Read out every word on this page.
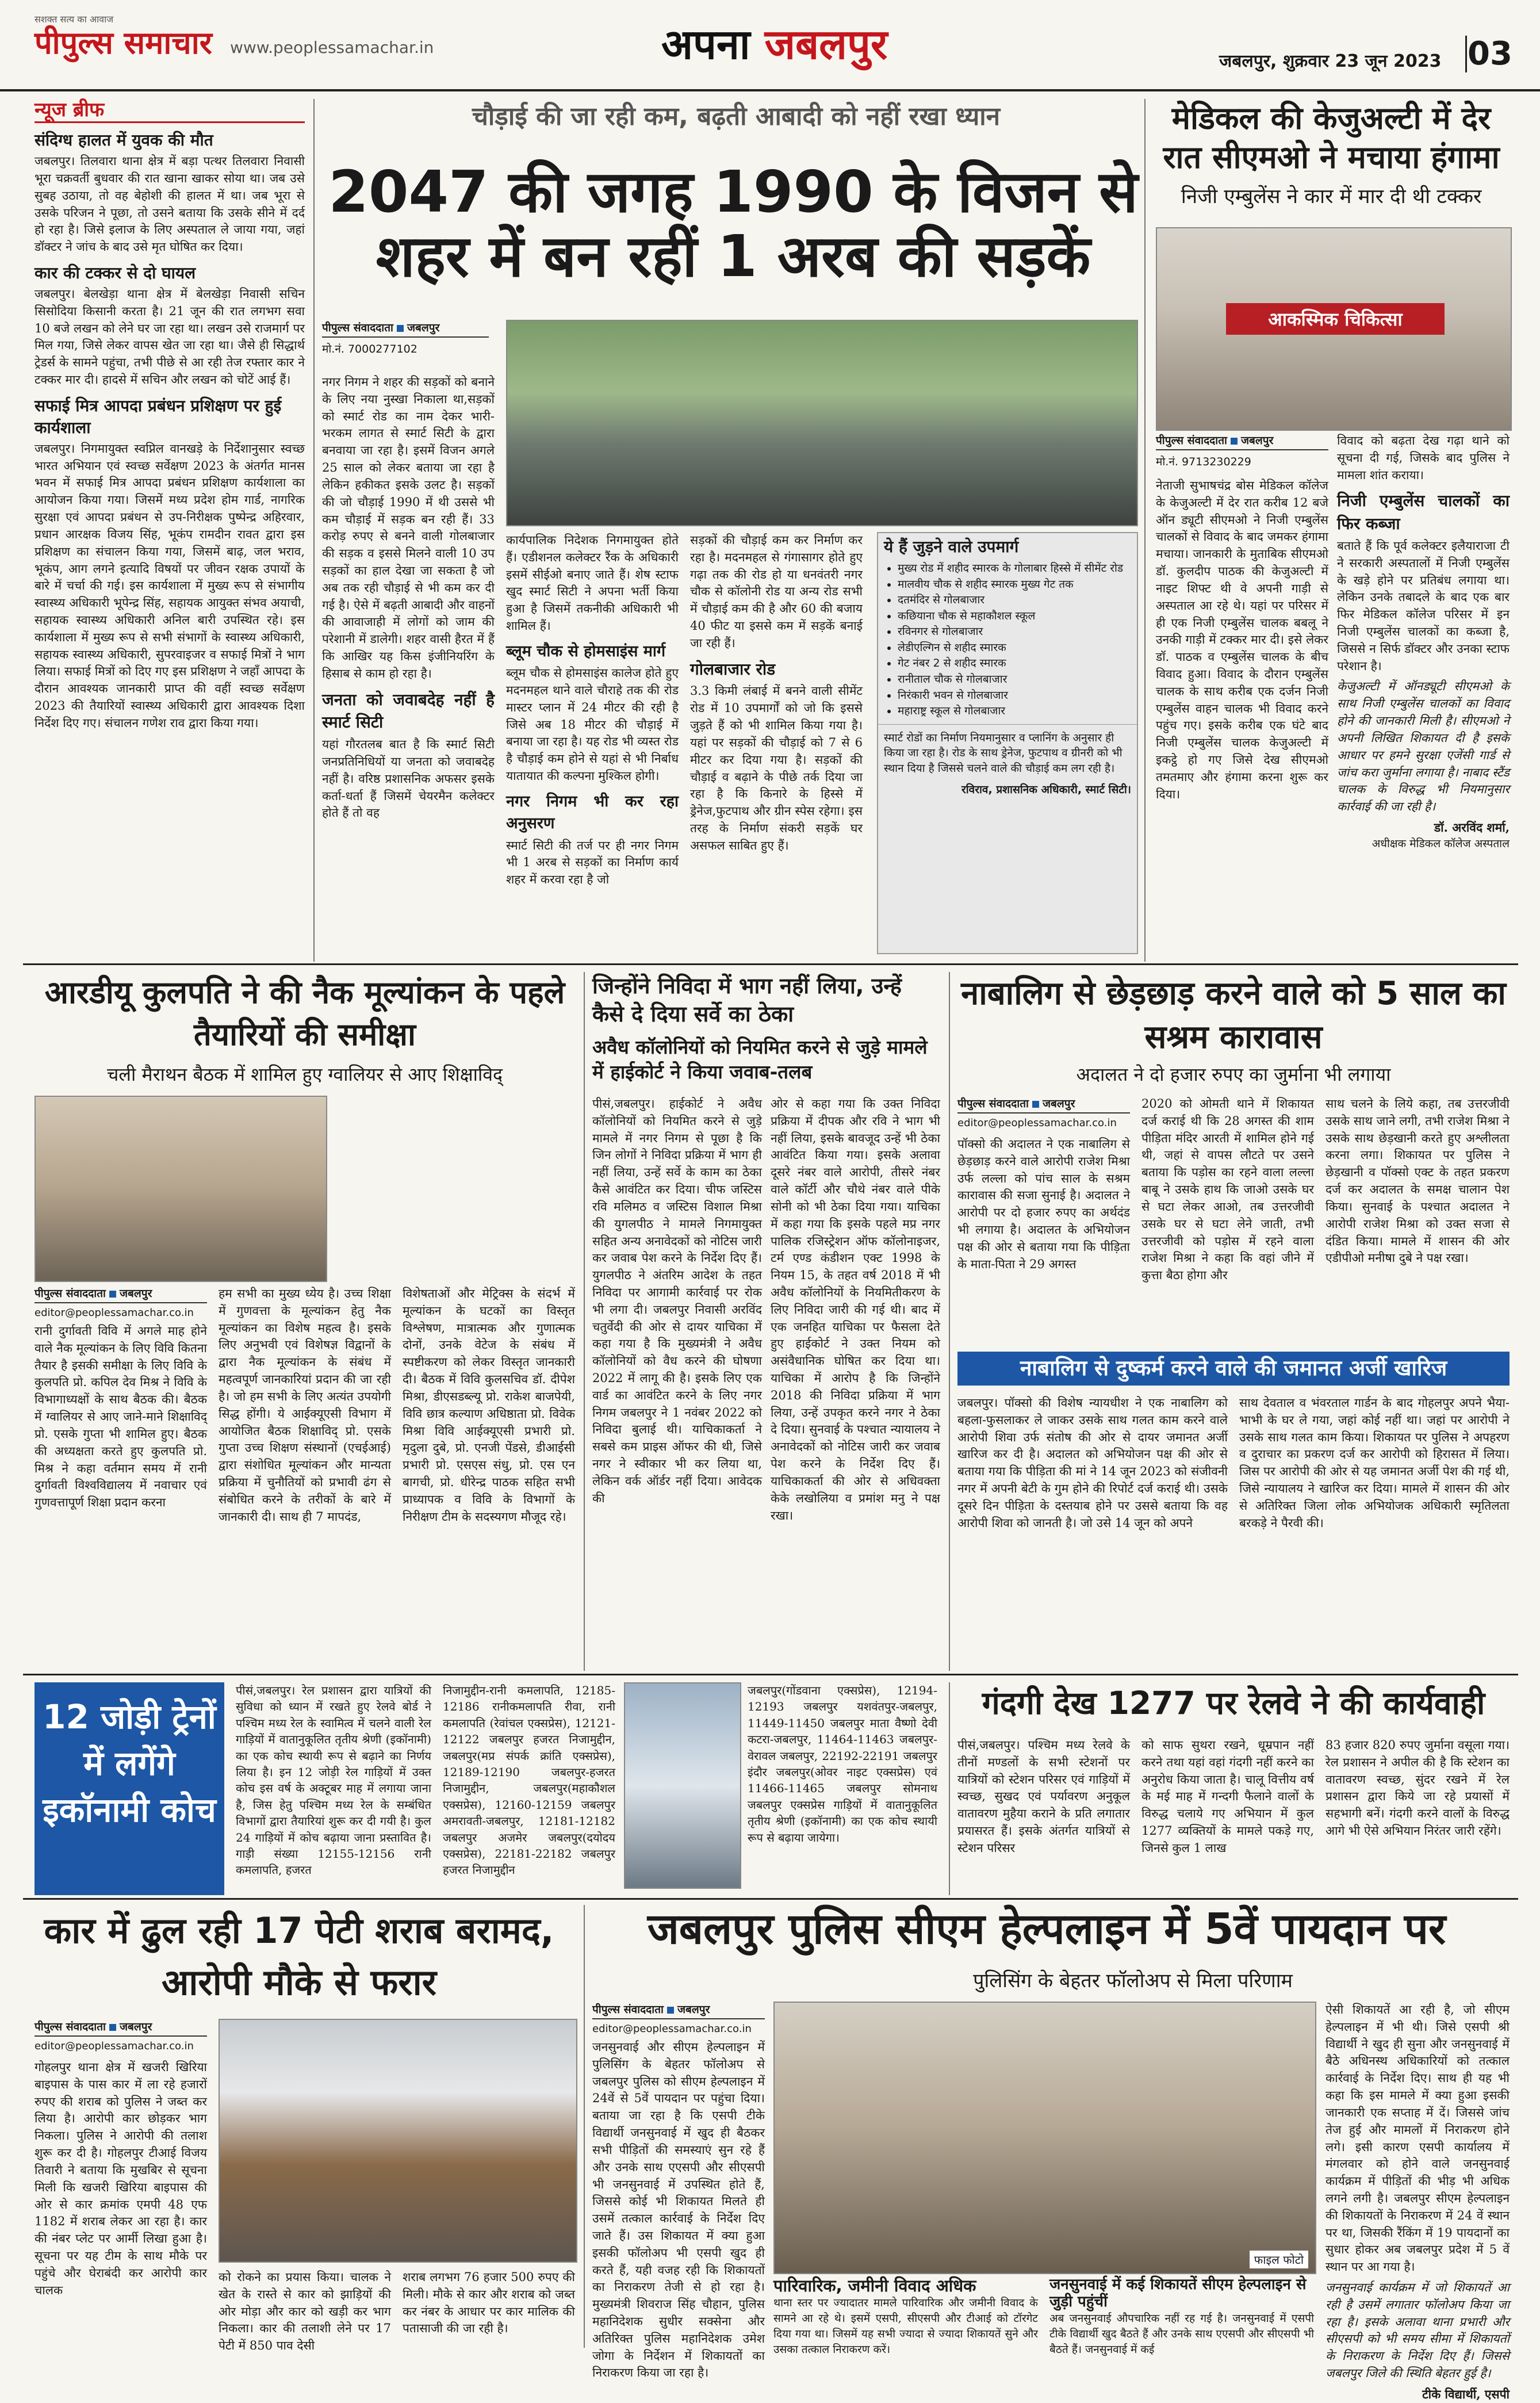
सशक्त सत्य का आवाज
पीपुल्स समाचार www.peoplessamachar.in	अपना जबलपुर	जबलपुर, शुक्रवार 23 जून 2023 03
न्यूज ब्रीफ
संदिग्ध हालत में युवक की मौत
जबलपुर। तिलवारा थाना क्षेत्र में बड़ा पत्थर तिलवारा निवासी भूरा चक्रवर्ती बुधवार की रात खाना खाकर सोया था। जब उसे सुबह उठाया, तो वह बेहोशी की हालत में था। जब भूरा से उसके परिजन ने पूछा, तो उसने बताया कि उसके सीने में दर्द हो रहा है। जिसे इलाज के लिए अस्पताल ले जाया गया, जहां डॉक्टर ने जांच के बाद उसे मृत घोषित कर दिया।
कार की टक्कर से दो घायल
जबलपुर। बेलखेड़ा थाना क्षेत्र में बेलखेड़ा निवासी सचिन सिसोदिया किसानी करता है। 21 जून की रात लगभग सवा 10 बजे लखन को लेने घर जा रहा था। लखन उसे राजमार्ग पर मिल गया, जिसे लेकर वापस खेत जा रहा था। जैसे ही सिद्धार्थ ट्रेडर्स के सामने पहुंचा, तभी पीछे से आ रही तेज रफ्तार कार ने टक्कर मार दी। हादसे में सचिन और लखन को चोटें आई हैं।
सफाई मित्र आपदा प्रबंधन प्रशिक्षण पर हुई कार्यशाला
जबलपुर। निगमायुक्त स्वप्निल वानखड़े के निर्देशानुसार स्वच्छ भारत अभियान एवं स्वच्छ सर्वेक्षण 2023 के अंतर्गत मानस भवन में सफाई मित्र आपदा प्रबंधन प्रशिक्षण कार्यशाला का आयोजन किया गया। जिसमें मध्य प्रदेश होम गार्ड, नागरिक सुरक्षा एवं आपदा प्रबंधन से उप-निरीक्षक पुष्पेन्द्र अहिरवार, प्रधान आरक्षक विजय सिंह, भूकंप रामदीन रावत द्वारा इस प्रशिक्षण का संचालन किया गया, जिसमें बाढ़, जल भराव, भूकंप, आग लगने इत्यादि विषयों पर जीवन रक्षक उपायों के बारे में चर्चा की गई। इस कार्यशाला में मुख्य रूप से संभागीय स्वास्थ्य अधिकारी भूपेन्द्र सिंह, सहायक आयुक्त संभव अयाची, सहायक स्वास्थ्य अधिकारी अनिल बारी उपस्थित रहे। इस कार्यशाला में मुख्य रूप से सभी संभागों के स्वास्थ्य अधिकारी, सहायक स्वास्थ्य अधिकारी, सुपरवाइजर व सफाई मित्रों ने भाग लिया। सफाई मित्रों को दिए गए इस प्रशिक्षण ने जहाँ आपदा के दौरान आवश्यक जानकारी प्राप्त की वहीं स्वच्छ सर्वेक्षण 2023 की तैयारियों स्वास्थ्य अधिकारी द्वारा आवश्यक दिशा निर्देश दिए गए। संचालन गणेश राव द्वारा किया गया।
चौड़ाई की जा रही कम, बढ़ती आबादी को नहीं रखा ध्यान
2047 की जगह 1990 के विजन से शहर में बन रहीं 1 अरब की सड़कें
पीपुल्स संवाददाता जबलपुर
मो.नं. 7000277102

नगर निगम ने शहर की सड़कों को बनाने के लिए नया नुस्खा निकाला था,सड़कों को स्मार्ट रोड का नाम देकर भारी-भरकम लागत से स्मार्ट सिटी के द्वारा बनवाया जा रहा है। इसमें विजन अगले 25 साल को लेकर बताया जा रहा है लेकिन हकीकत इसके उलट है। सड़कों की जो चौड़ाई 1990 में थी उससे भी कम चौड़ाई में सड़क बन रही हैं। 33 करोड़ रुपए से बनने वाली गोलबाजार की सड़क व इससे मिलने वाली 10 उप सड़कों का हाल देखा जा सकता है जो अब तक रही चौड़ाई से भी कम कर दी गई है। ऐसे में बढ़ती आबादी और वाहनों की आवाजाही में लोगों को जाम की परेशानी में डालेगी। शहर वासी हैरत में हैं कि आखिर यह किस इंजीनियरिंग के हिसाब से काम हो रहा है।

जनता को जवाबदेह नहीं है स्मार्ट सिटी

यहां गौरतलब बात है कि स्मार्ट सिटी जनप्रतिनिधियों या जनता को जवाबदेह नहीं है। वरिष्ठ प्रशासनिक अफसर इसके कर्ता-धर्ता हैं जिसमें चेयरमैन कलेक्टर होते हैं तो वह

कार्यपालिक निदेशक निगमायुक्त होते हैं। एडीशनल कलेक्टर रैंक के अधिकारी इसमें सीईओ बनाए जाते हैं। शेष स्टाफ खुद स्मार्ट सिटी ने अपना भर्ती किया हुआ है जिसमें तकनीकी अधिकारी भी शामिल हैं।

ब्लूम चौक से होमसाइंस मार्ग

ब्लूम चौक से होमसाइंस कालेज होते हुए मदनमहल थाने वाले चौराहे तक की रोड मास्टर प्लान में 24 मीटर की रही है जिसे अब 18 मीटर की चौड़ाई में बनाया जा रहा है। यह रोड भी व्यस्त रोड है चौड़ाई कम होने से यहां से भी निर्बाध यातायात की कल्पना मुश्किल होगी।

नगर निगम भी कर रहा अनुसरण

स्मार्ट सिटी की तर्ज पर ही नगर निगम भी 1 अरब से सड़कों का निर्माण कार्य शहर में करवा रहा है जो

सड़कों की चौड़ाई कम कर निर्माण कर रहा है। मदनमहल से गंगासागर होते हुए गढ़ा तक की रोड हो या धनवंतरी नगर चौक से कॉलोनी रोड या अन्य रोड सभी में चौड़ाई कम की है और 60 की बजाय 40 फीट या इससे कम में सड़कें बनाई जा रही हैं।

गोलबाजार रोड

3.3 किमी लंबाई में बनने वाली सीमेंट रोड में 10 उपमार्गों को जो कि इससे जुड़ते हैं को भी शामिल किया गया है। यहां पर सड़कों की चौड़ाई को 7 से 6 मीटर कर दिया गया है। सड़कों की चौड़ाई व बढ़ाने के पीछे तर्क दिया जा रहा है कि किनारे के हिस्से में ड्रेनेज,फुटपाथ और ग्रीन स्पेस रहेगा। इस तरह के निर्माण संकरी सड़कें घर असफल साबित हुए हैं।

ये हैं जुड़ने वाले उपमार्ग
• मुख्य रोड में शहीद स्मारक के गोलाबार हिस्से में सीमेंट रोड
• मालवीय चौक से शहीद स्मारक मुख्य गेट तक
• दतमंदिर से गोलबाजार
• कछियाना चौक से महाकौशल स्कूल
• रविनगर से गोलबाजार
• लेडीएल्गिन से शहीद स्मारक
• गेट नंबर 2 से शहीद स्मारक
• रानीताल चौक से गोलबाजार
• निरंकारी भवन से गोलबाजार
• महाराष्ट्र स्कूल से गोलबाजार
स्मार्ट रोडों का निर्माण नियमानुसार व प्लानिंग के अनुसार ही किया जा रहा है। रोड के साथ ड्रेनेज, फुटपाथ व ग्रीनरी को भी स्थान दिया है जिससे चलने वाले की चौड़ाई कम लग रही है।
रविराव, प्रशासनिक अधिकारी, स्मार्ट सिटी।
मेडिकल की केजुअल्टी में देर रात सीएमओ ने मचाया हंगामा
निजी एम्बुलेंस ने कार में मार दी थी टक्कर
आकस्मिक चिकित्सा
पीपुल्स संवाददाता जबलपुर
मो.नं. 9713230229
नेताजी सुभाषचंद्र बोस मेडिकल कॉलेज के केजुअल्टी में देर रात करीब 12 बजे ऑन ड्यूटी सीएमओ ने निजी एम्बुलेंस चालकों से विवाद के बाद जमकर हंगामा मचाया। जानकारी के मुताबिक सीएमओ डॉ. कुलदीप पाठक की केजुअल्टी में नाइट शिफ्ट थी वे अपनी गाड़ी से अस्पताल आ रहे थे। यहां पर परिसर में ही एक निजी एम्बुलेंस चालक बबलू ने उनकी गाड़ी में टक्कर मार दी। इसे लेकर डॉ. पाठक व एम्बुलेंस चालक के बीच विवाद हुआ। विवाद के दौरान एम्बुलेंस चालक के साथ करीब एक दर्जन निजी एम्बुलेंस वाहन चालक भी विवाद करने पहुंच गए। इसके करीब एक घंटे बाद निजी एम्बुलेंस चालक केजुअल्टी में इकट्ठे हो गए जिसे देख सीएमओ तमतमाए और हंगामा करना शुरू कर दिया।

विवाद को बढ़ता देख गढ़ा थाने को सूचना दी गई, जिसके बाद पुलिस ने मामला शांत कराया।

निजी एम्बुलेंस चालकों का फिर कब्जा

बताते हैं कि पूर्व कलेक्टर इलैयाराजा टी ने सरकारी अस्पतालों में निजी एम्बुलेंस के खड़े होने पर प्रतिबंध लगाया था। लेकिन उनके तबादले के बाद एक बार फिर मेडिकल कॉलेज परिसर में इन निजी एम्बुलेंस चालकों का कब्जा है, जिससे न सिर्फ डॉक्टर और उनका स्टाफ परेशान है।

केजुअल्टी में ऑनड्यूटी सीएमओ के साथ निजी एम्बुलेंस चालकों का विवाद होने की जानकारी मिली है। सीएमओ ने अपनी लिखित शिकायत दी है इसके आधार पर हमने सुरक्षा एजेंसी गार्ड से जांच करा जुर्माना लगाया है। नाबाद स्टैंड चालक के विरुद्ध भी नियमानुसार कार्रवाई की जा रही है।

डॉ. अरविंद शर्मा,
अधीक्षक मेडिकल कॉलेज अस्पताल
आरडीयू कुलपति ने की नैक मूल्यांकन के पहले तैयारियों की समीक्षा
चली मैराथन बैठक में शामिल हुए ग्वालियर से आए शिक्षाविद्
पीपुल्स संवाददाता जबलपुर
editor@peoplessamachar.co.in
रानी दुर्गावती विवि में अगले माह होने वाले नैक मूल्यांकन के लिए विवि कितना तैयार है इसकी समीक्षा के लिए विवि के कुलपति प्रो. कपिल देव मिश्र ने विवि के विभागाध्यक्षों के साथ बैठक की। बैठक में ग्वालियर से आए जाने-माने शिक्षाविद् प्रो. एसके गुप्ता भी शामिल हुए। बैठक की अध्यक्षता करते हुए कुलपति प्रो. मिश्र ने कहा वर्तमान समय में रानी दुर्गावती विश्वविद्यालय में नवाचार एवं गुणवत्तापूर्ण शिक्षा प्रदान करना
हम सभी का मुख्य ध्येय है। उच्च शिक्षा में गुणवत्ता के मूल्यांकन हेतु नैक मूल्यांकन का विशेष महत्व है। इसके लिए अनुभवी एवं विशेषज्ञ विद्वानों के द्वारा नैक मूल्यांकन के संबंध में महत्वपूर्ण जानकारियां प्रदान की जा रही है। जो हम सभी के लिए अत्यंत उपयोगी सिद्ध होंगी। ये आईक्यूएसी विभाग में आयोजित बैठक शिक्षाविद् प्रो. एसके गुप्ता उच्च शिक्षण संस्थानों (एचईआई) द्वारा संशोधित मूल्यांकन और मान्यता प्रक्रिया में चुनौतियों को प्रभावी ढंग से संबोधित करने के तरीकों के बारे में जानकारी दी। साथ ही 7 मापदंड,
विशेषताओं और मेट्रिक्स के संदर्भ में मूल्यांकन के घटकों का विस्तृत विश्लेषण, मात्रात्मक और गुणात्मक दोनों, उनके वेटेज के संबंध में स्पष्टीकरण को लेकर विस्तृत जानकारी दी। बैठक में विवि कुलसचिव डॉ. दीपेश मिश्रा, डीएसडब्ल्यू प्रो. राकेश बाजपेयी, विवि छात्र कल्याण अधिष्ठाता प्रो. विवेक मिश्रा विवि आईक्यूएसी प्रभारी प्रो. मृदुला दुबे, प्रो. एनजी पेंडसे, डीआईसी प्रभारी प्रो. एसएस संधु, प्रो. एस एन बागची, प्रो. धीरेन्द्र पाठक सहित सभी प्राध्यापक व विवि के विभागों के निरीक्षण टीम के सदस्यगण मौजूद रहे।
जिन्होंने निविदा में भाग नहीं लिया, उन्हें कैसे दे दिया सर्वे का ठेका
अवैध कॉलोनियों को नियमित करने से जुड़े मामले में हाईकोर्ट ने किया जवाब-तलब
पीसं,जबलपुर। हाईकोर्ट ने अवैध कॉलोनियों को नियमित करने से जुड़े मामले में नगर निगम से पूछा है कि जिन लोगों ने निविदा प्रक्रिया में भाग ही नहीं लिया, उन्हें सर्वे के काम का ठेका कैसे आवंटित कर दिया। चीफ जस्टिस रवि मलिमठ व जस्टिस विशाल मिश्रा की युगलपीठ ने मामले निगमायुक्त सहित अन्य अनावेदकों को नोटिस जारी कर जवाब पेश करने के निर्देश दिए हैं। युगलपीठ ने अंतरिम आदेश के तहत निविदा पर आगामी कार्रवाई पर रोक भी लगा दी। जबलपुर निवासी अरविंद चतुर्वेदी की ओर से दायर याचिका में कहा गया है कि मुख्यमंत्री ने अवैध कॉलोनियों को वैध करने की घोषणा 2022 में लागू की है। इसके लिए एक वार्ड का आवंटित करने के लिए नगर निगम जबलपुर ने 1 नवंबर 2022 को निविदा बुलाई थी। याचिकाकर्ता ने सबसे कम प्राइस ऑफर की थी, जिसे नगर ने स्वीकार भी कर लिया था, लेकिन वर्क ऑर्डर नहीं दिया। आवेदक की
ओर से कहा गया कि उक्त निविदा प्रक्रिया में दीपक और रवि ने भाग भी नहीं लिया, इसके बावजूद उन्हें भी ठेका आवंटित किया गया। इसके अलावा दूसरे नंबर वाले आरोपी, तीसरे नंबर वाले कॉर्टी और चौथे नंबर वाले पीके सोनी को भी ठेका दिया गया। याचिका में कहा गया कि इसके पहले मप्र नगर पालिक रजिस्ट्रेशन ऑफ कॉलोनाइजर, टर्म एण्ड कंडीशन एक्ट 1998 के नियम 15, के तहत वर्ष 2018 में भी अवैध कॉलोनियों के नियमितीकरण के लिए निविदा जारी की गई थी। बाद में एक जनहित याचिका पर फैसला देते हुए हाईकोर्ट ने उक्त नियम को असंवैधानिक घोषित कर दिया था। याचिका में आरोप है कि जिन्होंने 2018 की निविदा प्रक्रिया में भाग लिया, उन्हें उपकृत करने नगर ने ठेका दे दिया। सुनवाई के पश्चात न्यायालय ने अनावेदकों को नोटिस जारी कर जवाब पेश करने के निर्देश दिए हैं। याचिकाकर्ता की ओर से अधिवक्ता केके लखोलिया व प्रमांश मनु ने पक्ष रखा।
नाबालिग से छेड़छाड़ करने वाले को 5 साल का सश्रम कारावास
अदालत ने दो हजार रुपए का जुर्माना भी लगाया
पीपुल्स संवाददाता जबलपुर
editor@peoplessamachar.co.in
पॉक्सो की अदालत ने एक नाबालिग से छेड़छाड़ करने वाले आरोपी राजेश मिश्रा उर्फ लल्ला को पांच साल के सश्रम कारावास की सजा सुनाई है। अदालत ने आरोपी पर दो हजार रुपए का अर्थदंड भी लगाया है। अदालत के अभियोजन पक्ष की ओर से बताया गया कि पीड़िता के माता-पिता ने 29 अगस्त
2020 को ओमती थाने में शिकायत दर्ज कराई थी कि 28 अगस्त की शाम पीड़िता मंदिर आरती में शामिल होने गई थी, जहां से वापस लौटते पर उसने बताया कि पड़ोस का रहने वाला लल्ला बाबू ने उसके हाथ कि जाओ उसके घर से घटा लेकर आओ, तब उत्तरजीवी उसके घर से घटा लेने जाती, तभी उत्तरजीवी को पड़ोस में रहने वाला राजेश मिश्रा ने कहा कि वहां जीने में कुत्ता बैठा होगा और
साथ चलने के लिये कहा, तब उत्तरजीवी उसके साथ जाने लगी, तभी राजेश मिश्रा ने उसके साथ छेड़खानी करते हुए अश्लीलता करना लगा। शिकायत पर पुलिस ने छेड़खानी व पॉक्सो एक्ट के तहत प्रकरण दर्ज कर अदालत के समक्ष चालान पेश किया। सुनवाई के पश्चात अदालत ने आरोपी राजेश मिश्रा को उक्त सजा से दंडित किया। मामले में शासन की ओर एडीपीओ मनीषा दुबे ने पक्ष रखा।
नाबालिग से दुष्कर्म करने वाले की जमानत अर्जी खारिज
जबलपुर। पॉक्सो की विशेष न्यायधीश ने एक नाबालिग को बहला-फुसलाकर ले जाकर उसके साथ गलत काम करने वाले आरोपी शिवा उर्फ संतोष की ओर से दायर जमानत अर्जी खारिज कर दी है। अदालत को अभियोजन पक्ष की ओर से बताया गया कि पीड़िता की मां ने 14 जून 2023 को संजीवनी नगर में अपनी बेटी के गुम होने की रिपोर्ट दर्ज कराई थी। उसके दूसरे दिन पीड़िता के दस्तयाब होने पर उससे बताया कि वह आरोपी शिवा को जानती है। जो उसे 14 जून को अपने
साथ देवताल व भंवरताल गार्डन के बाद गोहलपुर अपने भैया-भाभी के घर ले गया, जहां कोई नहीं था। जहां पर आरोपी ने उसके साथ गलत काम किया। शिकायत पर पुलिस ने अपहरण व दुराचार का प्रकरण दर्ज कर आरोपी को हिरासत में लिया। जिस पर आरोपी की ओर से यह जमानत अर्जी पेश की गई थी, जिसे न्यायालय ने खारिज कर दिया। मामले में शासन की ओर से अतिरिक्त जिला लोक अभियोजक अधिकारी स्मृतिलता बरकड़े ने पैरवी की।
12 जोड़ी ट्रेनों में लगेंगे इकॉनामी कोच
पीसं,जबलपुर। रेल प्रशासन द्वारा यात्रियों की सुविधा को ध्यान में रखते हुए रेलवे बोर्ड ने पश्चिम मध्य रेल के स्वामित्व में चलने वाली रेल गाड़ियों में वातानुकूलित तृतीय श्रेणी (इकॉनामी) का एक कोच स्थायी रूप से बढ़ाने का निर्णय लिया है। इन 12 जोड़ी रेल गाड़ियों में उक्त कोच इस वर्ष के अक्टूबर माह में लगाया जाना है, जिस हेतु पश्चिम मध्य रेल के सम्बंधित विभागों द्वारा तैयारियां शुरू कर दी गयी है। कुल 24 गाड़ियों में कोच बढ़ाया जाना प्रस्तावित है। गाड़ी संख्या 12155-12156 रानी कमलापति, हजरत
निजामुद्दीन-रानी कमलापति, 12185-12186 रानीकमलापति रीवा, रानी कमलापति (रेवांचल एक्सप्रेस), 12121-12122 जबलपुर हजरत निजामुद्दीन, जबलपुर(मप्र संपर्क क्रांति एक्सप्रेस), 12189-12190 जबलपुर-हजरत निजामुद्दीन, जबलपुर(महाकौशल एक्सप्रेस), 12160-12159 जबलपुर अमरावती-जबलपुर, 12181-12182 जबलपुर अजमेर जबलपुर(दयोदय एक्सप्रेस), 22181-22182 जबलपुर हजरत निजामुद्दीन
जबलपुर(गोंडवाना एक्सप्रेस), 12194-12193 जबलपुर यशवंतपुर-जबलपुर, 11449-11450 जबलपुर माता वैष्णो देवी कटरा-जबलपुर, 11464-11463 जबलपुर-वेरावल जबलपुर, 22192-22191 जबलपुर इंदौर जबलपुर(ओवर नाइट एक्सप्रेस) एवं 11466-11465 जबलपुर सोमनाथ जबलपुर एक्सप्रेस गाड़ियों में वातानुकूलित तृतीय श्रेणी (इकॉनामी) का एक कोच स्थायी रूप से बढ़ाया जायेगा।
गंदगी देख 1277 पर रेलवे ने की कार्यवाही
पीसं,जबलपुर। पश्चिम मध्य रेलवे के तीनों मण्डलों के सभी स्टेशनों पर यात्रियों को स्टेशन परिसर एवं गाड़ियों में स्वच्छ, सुखद एवं पर्यावरण अनुकूल वातावरण मुहैया कराने के प्रति लगातार प्रयासरत हैं। इसके अंतर्गत यात्रियों से स्टेशन परिसर
को साफ सुथरा रखने, धूम्रपान नहीं करने तथा यहां वहां गंदगी नहीं करने का अनुरोध किया जाता है। चालू वित्तीय वर्ष के मई माह में गन्दगी फैलाने वालों के विरुद्ध चलाये गए अभियान में कुल 1277 व्यक्तियों के मामले पकड़े गए, जिनसे कुल 1 लाख
83 हजार 820 रुपए जुर्माना वसूला गया। रेल प्रशासन ने अपील की है कि स्टेशन का वातावरण स्वच्छ, सुंदर रखने में रेल प्रशासन द्वारा किये जा रहे प्रयासों में सहभागी बनें। गंदगी करने वालों के विरुद्ध आगे भी ऐसे अभियान निरंतर जारी रहेंगे।
कार में ढुल रही 17 पेटी शराब बरामद, आरोपी मौके से फरार
पीपुल्स संवाददाता जबलपुर
editor@peoplessamachar.co.in
गोहलपुर थाना क्षेत्र में खजरी खिरिया बाइपास के पास कार में ला रहे हजारों रुपए की शराब को पुलिस ने जब्त कर लिया है। आरोपी कार छोड़कर भाग निकला। पुलिस ने आरोपी की तलाश शुरू कर दी है। गोहलपुर टीआई विजय तिवारी ने बताया कि मुखबिर से सूचना मिली कि खजरी खिरिया बाइपास की ओर से कार क्रमांक एमपी 48 एफ 1182 में शराब लेकर आ रहा है। कार की नंबर प्लेट पर आर्मी लिखा हुआ है। सूचना पर यह टीम के साथ मौके पर पहुंचे और घेराबंदी कर आरोपी कार चालक
को रोकने का प्रयास किया। चालक ने खेत के रास्ते से कार को झाड़ियों की ओर मोड़ा और कार को खड़ी कर भाग निकला। कार की तलाशी लेने पर 17 पेटी में 850 पाव देसी
शराब लगभग 76 हजार 500 रुपए की मिली। मौके से कार और शराब को जब्त कर नंबर के आधार पर कार मालिक की पतासाजी की जा रही है।
जबलपुर पुलिस सीएम हेल्पलाइन में 5वें पायदान पर
पुलिसिंग के बेहतर फॉलोअप से मिला परिणाम
पीपुल्स संवाददाता जबलपुर
editor@peoplessamachar.co.in
जनसुनवाई और सीएम हेल्पलाइन में पुलिसिंग के बेहतर फॉलोअप से जबलपुर पुलिस को सीएम हेल्पलाइन में 24वें से 5वें पायदान पर पहुंचा दिया। बताया जा रहा है कि एसपी टीके विद्यार्थी जनसुनवाई में खुद ही बैठकर सभी पीड़ितों की समस्याएं सुन रहे हैं और उनके साथ एएसपी और सीएसपी भी जनसुनवाई में उपस्थित होते हैं, जिससे कोई भी शिकायत मिलते ही उसमें तत्काल कार्रवाई के निर्देश दिए जाते हैं। उस शिकायत में क्या हुआ इसकी फॉलोअप भी एसपी खुद ही करते हैं, यही वजह रही कि शिकायतों का निराकरण तेजी से हो रहा है। मुख्यमंत्री शिवराज सिंह चौहान, पुलिस महानिदेशक सुधीर सक्सेना और अतिरिक्त पुलिस महानिदेशक उमेश जोगा के निर्देशन में शिकायतों का निराकरण किया जा रहा है।
फाइल फोटो
पारिवारिक, जमीनी विवाद अधिक
थाना स्तर पर ज्यादातर मामले पारिवारिक और जमीनी विवाद के सामने आ रहे थे। इसमें एसपी, सीएसपी और टीआई को टॉरगेट दिया गया था। जिसमें यह सभी ज्यादा से ज्यादा शिकायतें सुने और उसका तत्काल निराकरण करें।
जनसुनवाई में कई शिकायतें सीएम हेल्पलाइन से जुड़ी पहुंचीं
अब जनसुनवाई औपचारिक नहीं रह गई है। जनसुनवाई में एसपी टीके विद्यार्थी खुद बैठते हैं और उनके साथ एएसपी और सीएसपी भी बैठते हैं। जनसुनवाई में कई

ऐसी शिकायतें आ रही है, जो सीएम हेल्पलाइन में भी थी। जिसे एसपी श्री विद्यार्थी ने खुद ही सुना और जनसुनवाई में बैठे अधिनस्थ अधिकारियों को तत्काल कार्रवाई के निर्देश दिए। साथ ही यह भी कहा कि इस मामले में क्या हुआ इसकी जानकारी एक सप्ताह में दें। जिससे जांच तेज हुई और मामलों में निराकरण होने लगे। इसी कारण एसपी कार्यालय में मंगलवार को होने वाले जनसुनवाई कार्यक्रम में पीड़ितों की भीड़ भी अधिक लगने लगी है। जबलपुर सीएम हेल्पलाइन की शिकायतों के निराकरण में 24 वें स्थान पर था, जिसकी रैंकिंग में 19 पायदानों का सुधार होकर अब जबलपुर प्रदेश में 5 वें स्थान पर आ गया है।

जनसुनवाई कार्यक्रम में जो शिकायतें आ रही है उसमें लगातार फॉलोअप किया जा रहा है। इसके अलावा थाना प्रभारी और सीएसपी को भी समय सीमा में शिकायतों के निराकरण के निर्देश दिए हैं। जिससे जबलपुर जिले की स्थिति बेहतर हुई है।

टीके विद्यार्थी, एसपी
